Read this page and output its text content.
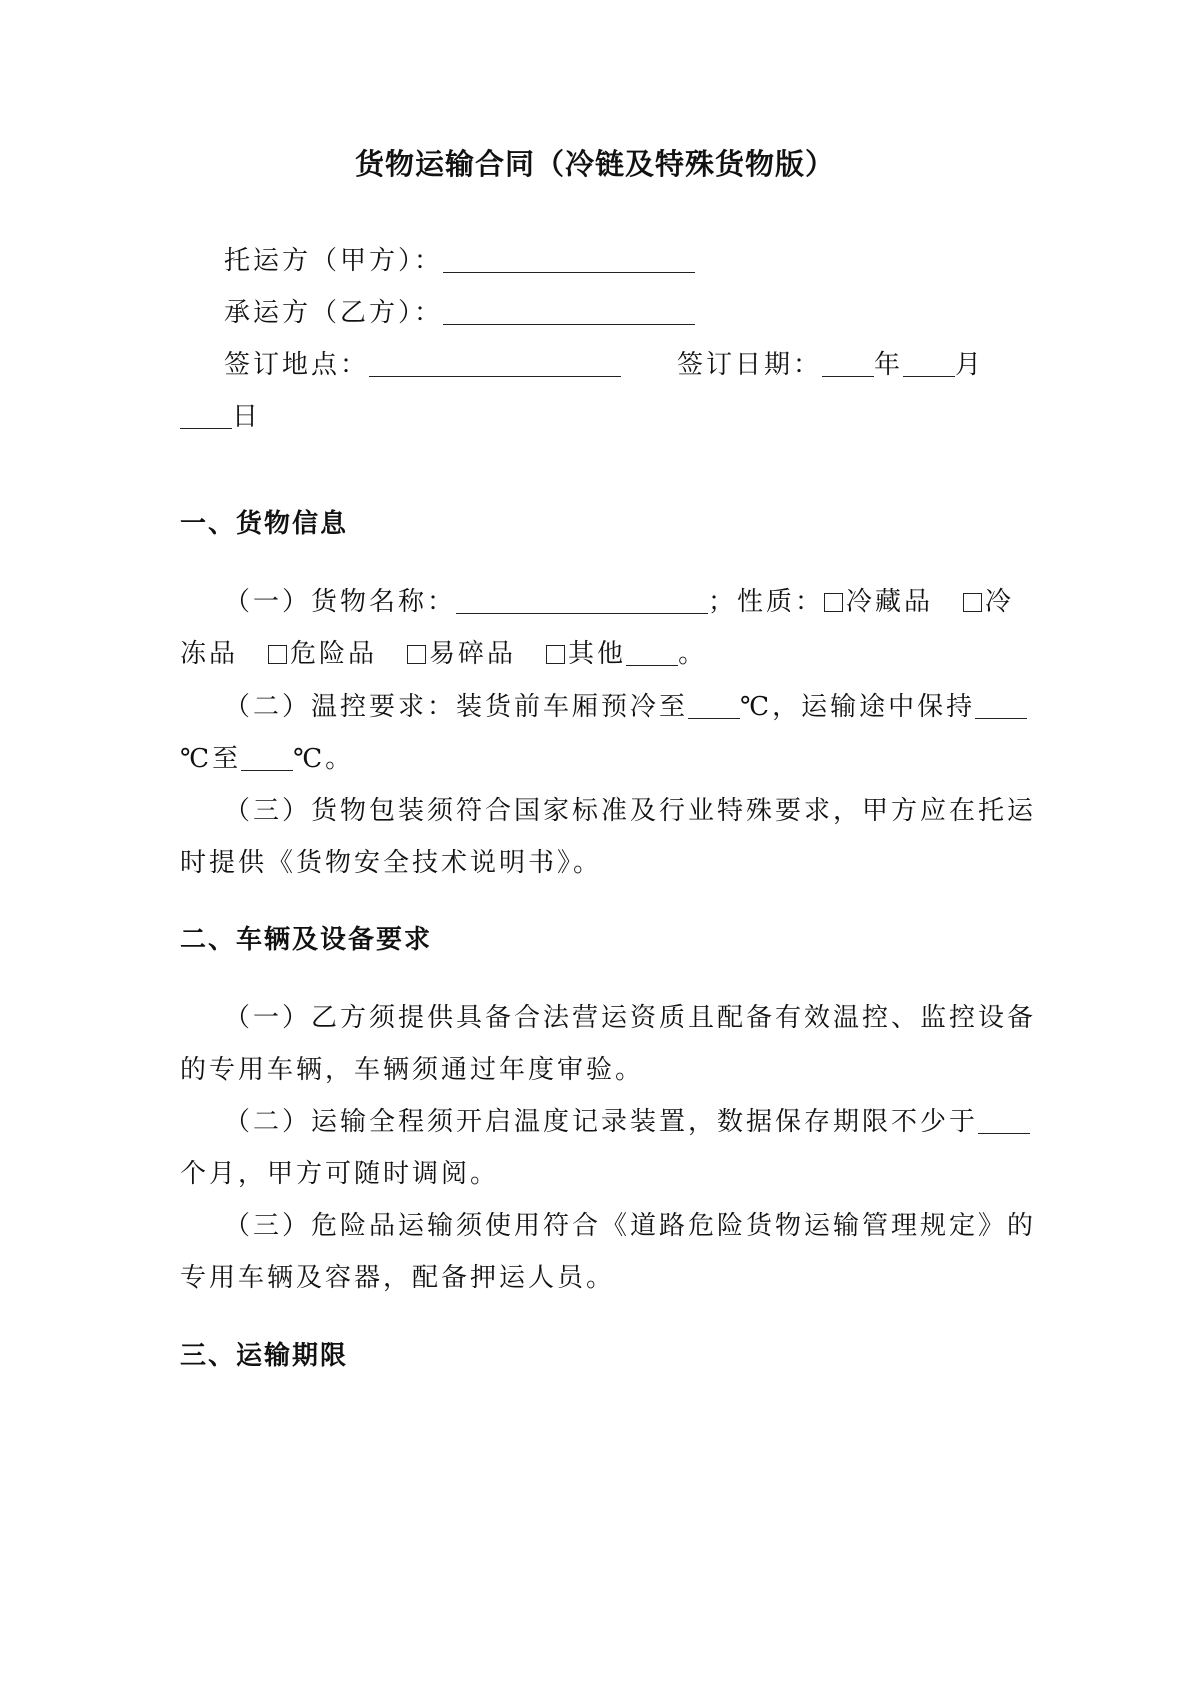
货物运输合同（冷链及特殊货物版）

托运方（甲方）：

承运方（乙方）：

签订地点：	签订日期： 年 月

日

一、货物信息

（一）货物名称：	；性质： 冷藏品 冷

冻品 危险品 易碎品 其他 。

（二）温控要求：装货前车厢预冷至 ℃，运输途中保持

℃至 ℃。

（三）货物包装须符合国家标准及行业特殊要求，甲方应在托运

时提供《货物安全技术说明书》。

二、车辆及设备要求

（一）乙方须提供具备合法营运资质且配备有效温控、监控设备

的专用车辆，车辆须通过年度审验。

（二）运输全程须开启温度记录装置，数据保存期限不少于

个月，甲方可随时调阅。

（三）危险品运输须使用符合《道路危险货物运输管理规定》的

专用车辆及容器，配备押运人员。

三、运输期限
